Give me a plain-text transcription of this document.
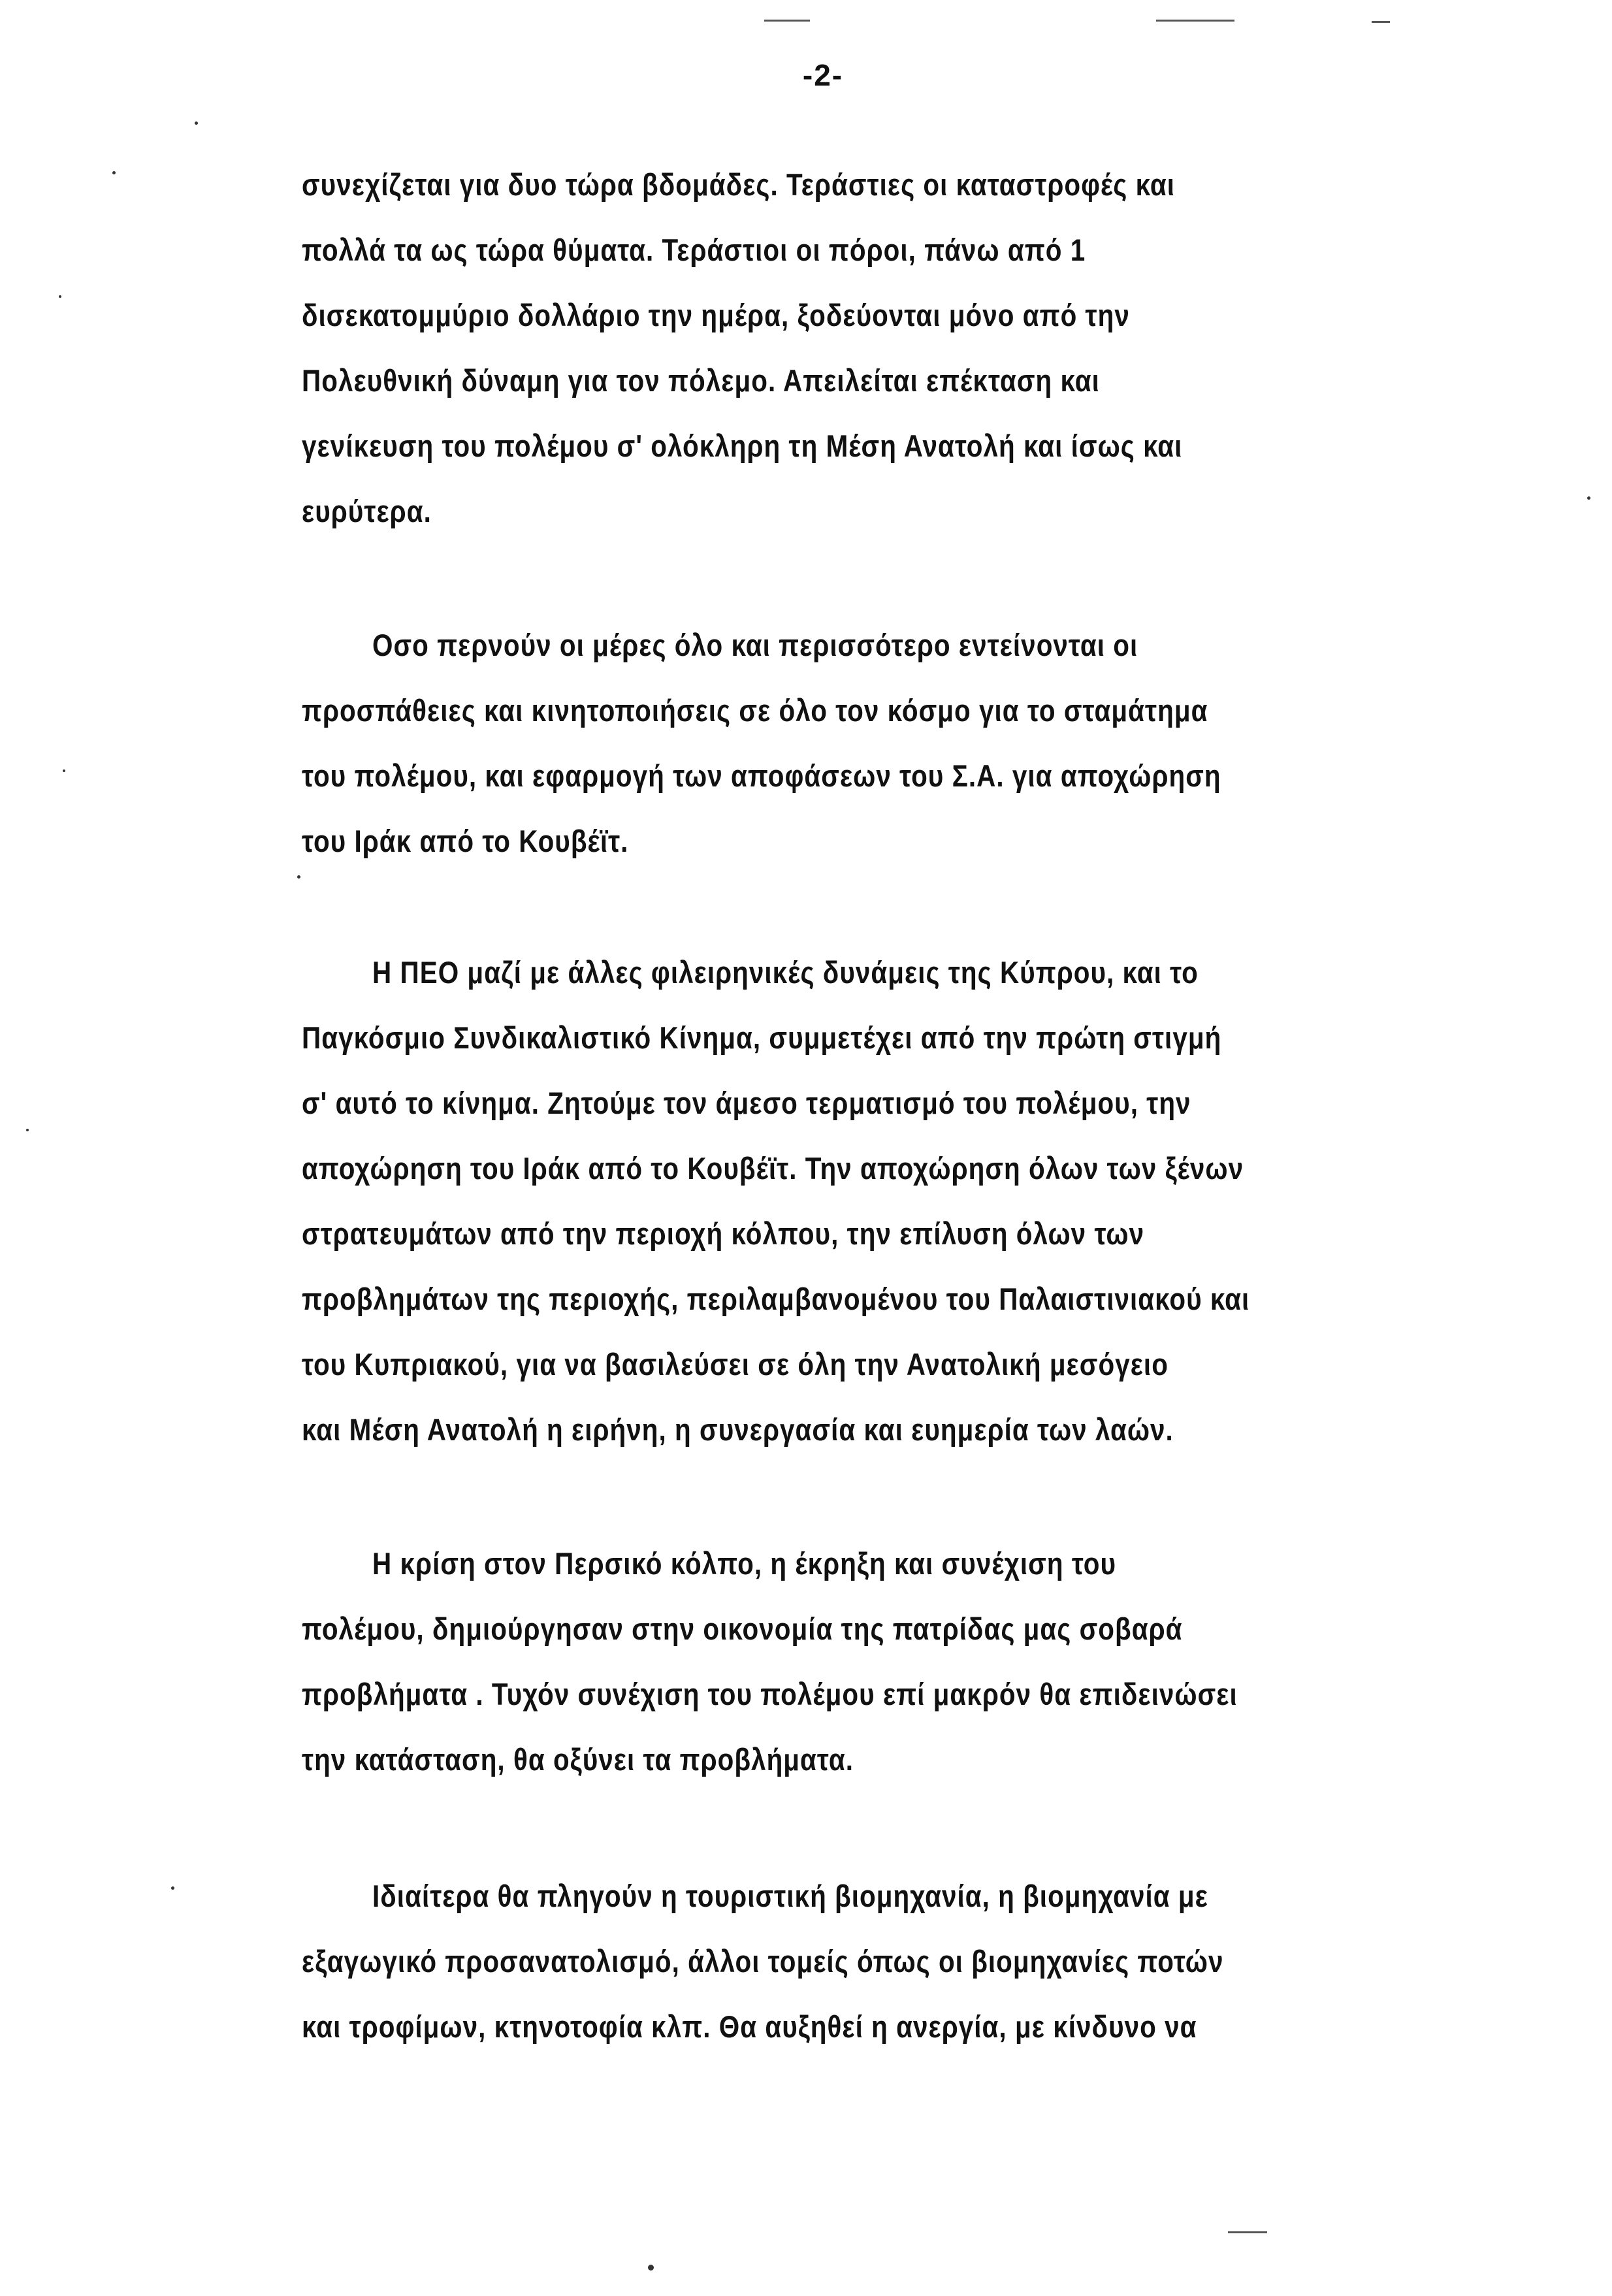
-2-
συνεχίζεται για δυο τώρα βδομάδες. Τεράστιες οι καταστροφές και
πολλά τα ως τώρα θύματα. Τεράστιοι οι πόροι, πάνω από 1
δισεκατομμύριο δολλάριο την ημέρα, ξοδεύονται μόνο από την
Πολευθνική δύναμη για τον πόλεμο. Απειλείται επέκταση και
γενίκευση του πολέμου σ' ολόκληρη τη Μέση Ανατολή και ίσως και
ευρύτερα.
Οσο περνούν οι μέρες όλο και περισσότερο εντείνονται οι
προσπάθειες και κινητοποιήσεις σε όλο τον κόσμο για το σταμάτημα
του πολέμου, και εφαρμογή των αποφάσεων του Σ.Α. για αποχώρηση
του Ιράκ από το Κουβέϊτ.
Η ΠΕΟ μαζί με άλλες φιλειρηνικές δυνάμεις της Κύπρου, και το
Παγκόσμιο Συνδικαλιστικό Κίνημα, συμμετέχει από την πρώτη στιγμή
σ' αυτό το κίνημα. Ζητούμε τον άμεσο τερματισμό του πολέμου, την
αποχώρηση του Ιράκ από το Κουβέϊτ. Την αποχώρηση όλων των ξένων
στρατευμάτων από την περιοχή κόλπου, την επίλυση όλων των
προβλημάτων της περιοχής, περιλαμβανομένου του Παλαιστινιακού και
του Κυπριακού, για να βασιλεύσει σε όλη την Ανατολική μεσόγειο
και Μέση Ανατολή η ειρήνη, η συνεργασία και ευημερία των λαών.
Η κρίση στον Περσικό κόλπο, η έκρηξη και συνέχιση του
πολέμου, δημιούργησαν στην οικονομία της πατρίδας μας σοβαρά
προβλήματα . Τυχόν συνέχιση του πολέμου επί μακρόν θα επιδεινώσει
την κατάσταση, θα οξύνει τα προβλήματα.
Ιδιαίτερα θα πληγούν η τουριστική βιομηχανία, η βιομηχανία με
εξαγωγικό προσανατολισμό, άλλοι τομείς όπως οι βιομηχανίες ποτών
και τροφίμων, κτηνοτοφία κλπ. Θα αυξηθεί η ανεργία, με κίνδυνο να
